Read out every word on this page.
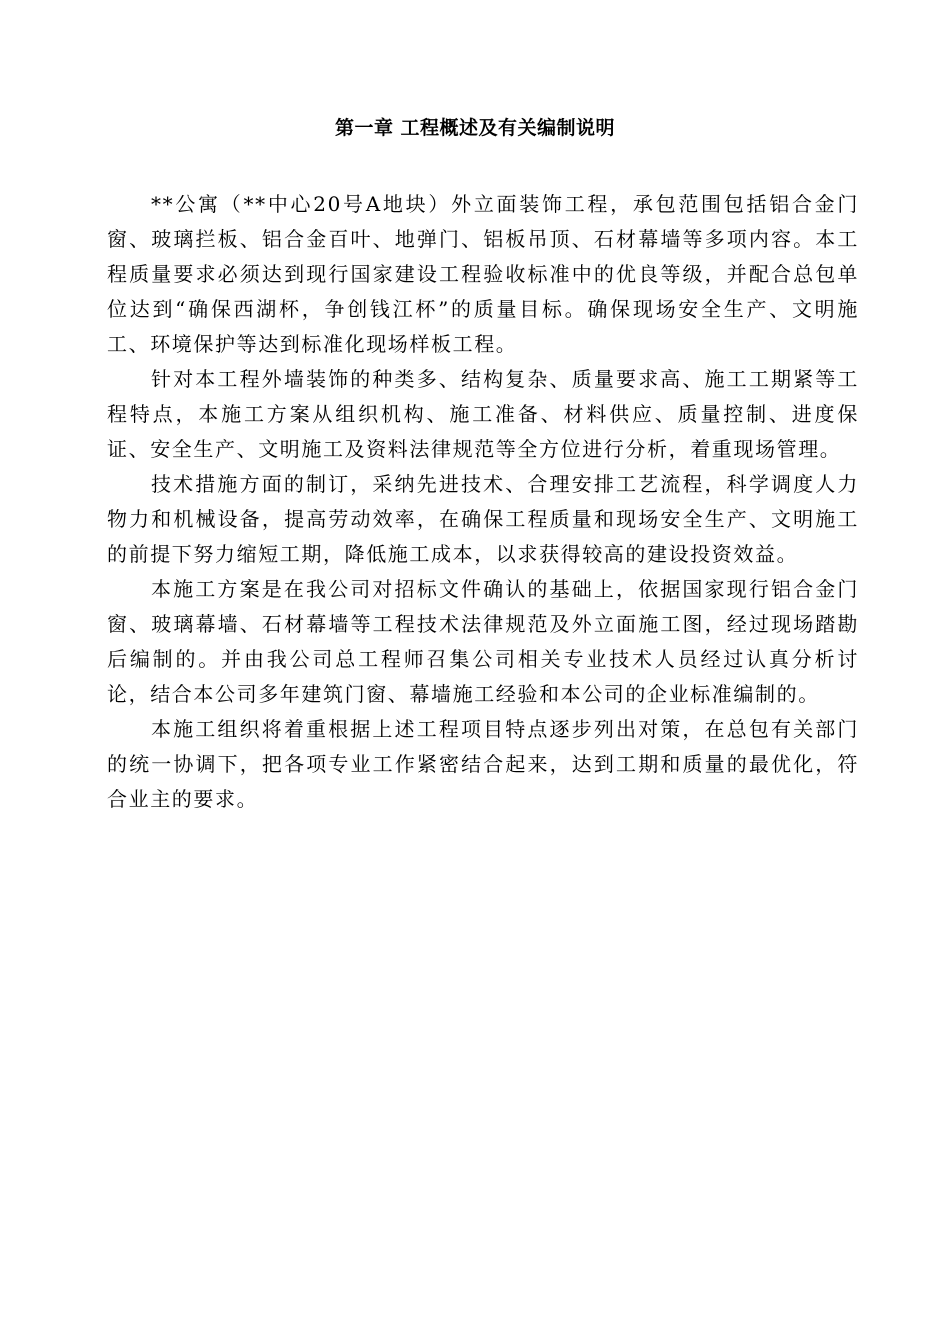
第一章 工程概述及有关编制说明

**公寓（**中心20号A地块）外立面装饰工程，承包范围包括铝合金门窗、玻璃拦板、铝合金百叶、地弹门、铝板吊顶、石材幕墙等多项内容。本工程质量要求必须达到现行国家建设工程验收标准中的优良等级，并配合总包单位达到“确保西湖杯，争创钱江杯”的质量目标。确保现场安全生产、文明施工、环境保护等达到标准化现场样板工程。

针对本工程外墙装饰的种类多、结构复杂、质量要求高、施工工期紧等工程特点，本施工方案从组织机构、施工准备、材料供应、质量控制、进度保证、安全生产、文明施工及资料法律规范等全方位进行分析，着重现场管理。

技术措施方面的制订，采纳先进技术、合理安排工艺流程，科学调度人力物力和机械设备，提高劳动效率，在确保工程质量和现场安全生产、文明施工的前提下努力缩短工期，降低施工成本，以求获得较高的建设投资效益。

本施工方案是在我公司对招标文件确认的基础上，依据国家现行铝合金门窗、玻璃幕墙、石材幕墙等工程技术法律规范及外立面施工图，经过现场踏勘后编制的。并由我公司总工程师召集公司相关专业技术人员经过认真分析讨论，结合本公司多年建筑门窗、幕墙施工经验和本公司的企业标准编制的。

本施工组织将着重根据上述工程项目特点逐步列出对策，在总包有关部门的统一协调下，把各项专业工作紧密结合起来，达到工期和质量的最优化，符合业主的要求。
